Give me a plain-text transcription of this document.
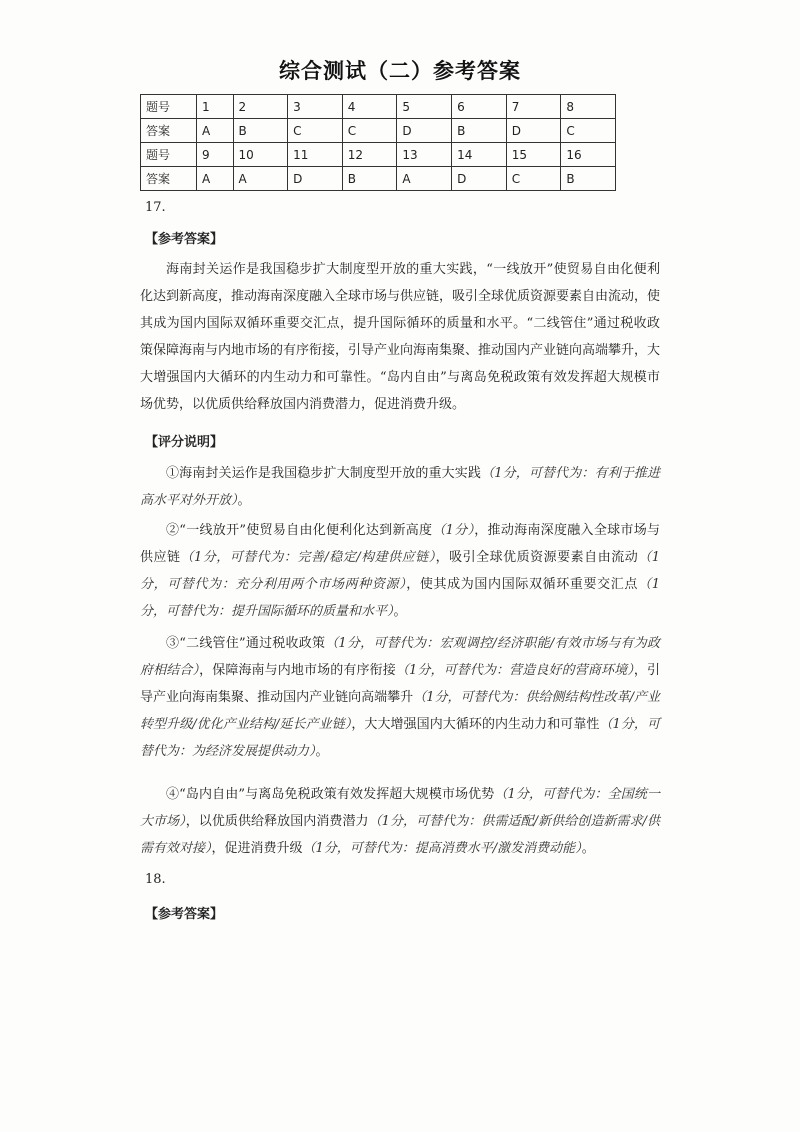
综合测试（二）参考答案
题号	1	2	3	4	5	6	7	8
答案	A	B	C	C	D	B	D	C
题号	9	10	11	12	13	14	15	16
答案	A	A	D	B	A	D	C	B
17.
【参考答案】

海南封关运作是我国稳步扩大制度型开放的重大实践，“一线放开”使贸易自由化便利化达到新高度，推动海南深度融入全球市场与供应链，吸引全球优质资源要素自由流动，使其成为国内国际双循环重要交汇点，提升国际循环的质量和水平。“二线管住”通过税收政策保障海南与内地市场的有序衔接，引导产业向海南集聚、推动国内产业链向高端攀升，大大增强国内大循环的内生动力和可靠性。“岛内自由”与离岛免税政策有效发挥超大规模市场优势，以优质供给释放国内消费潜力，促进消费升级。

【评分说明】

①海南封关运作是我国稳步扩大制度型开放的重大实践（1分，可替代为：有利于推进高水平对外开放）。

②“一线放开”使贸易自由化便利化达到新高度（1分），推动海南深度融入全球市场与供应链（1分，可替代为：完善/稳定/构建供应链），吸引全球优质资源要素自由流动（1分，可替代为：充分利用两个市场两种资源），使其成为国内国际双循环重要交汇点（1分，可替代为：提升国际循环的质量和水平）。

③“二线管住”通过税收政策（1分，可替代为：宏观调控/经济职能/有效市场与有为政府相结合），保障海南与内地市场的有序衔接（1分，可替代为：营造良好的营商环境），引导产业向海南集聚、推动国内产业链向高端攀升（1分，可替代为：供给侧结构性改革/产业转型升级/优化产业结构/延长产业链），大大增强国内大循环的内生动力和可靠性（1分，可替代为：为经济发展提供动力）。

④“岛内自由”与离岛免税政策有效发挥超大规模市场优势（1分，可替代为：全国统一大市场），以优质供给释放国内消费潜力（1分，可替代为：供需适配/新供给创造新需求/供需有效对接），促进消费升级（1分，可替代为：提高消费水平/激发消费动能）。

18.
【参考答案】
